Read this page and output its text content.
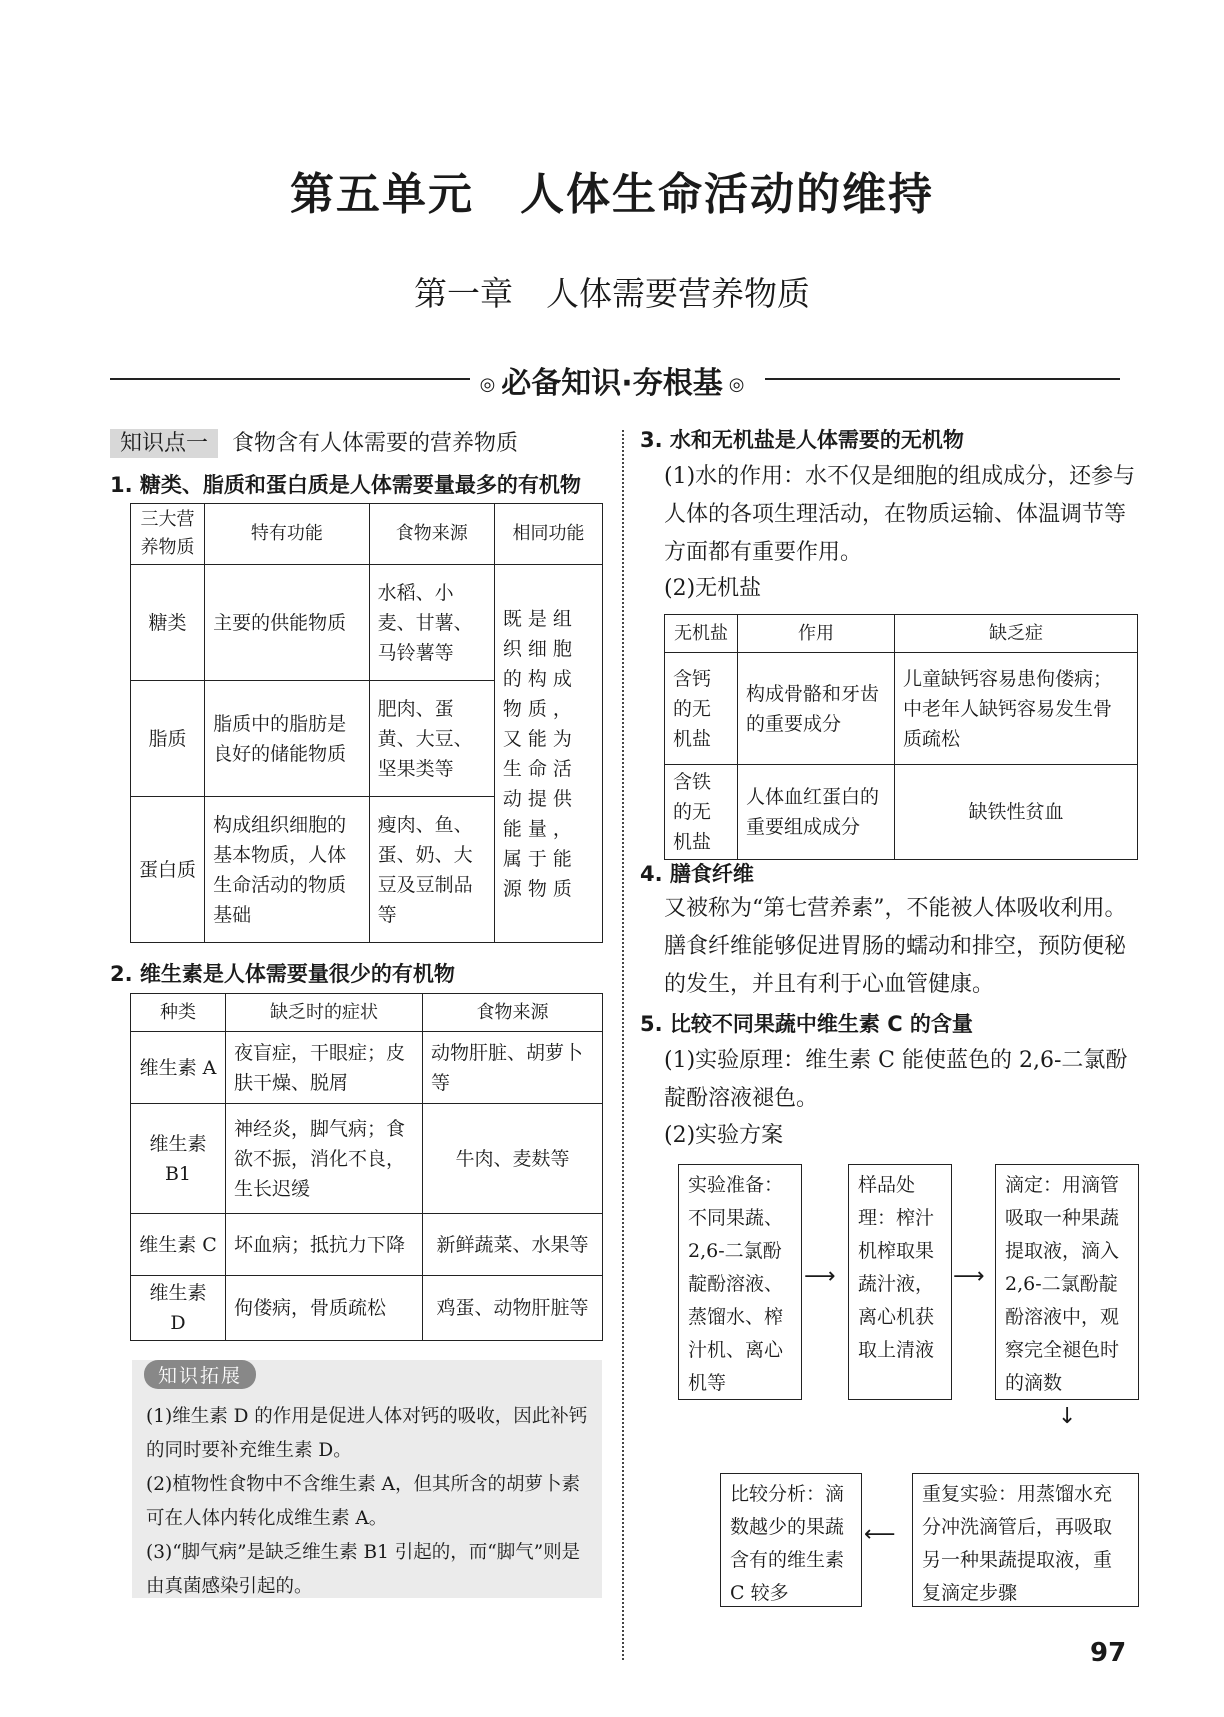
第五单元　人体生命活动的维持
第一章　人体需要营养物质
◎ 必备知识·夯根基 ◎
知识点一 食物含有人体需要的营养物质
1. 糖类、脂质和蛋白质是人体需要量最多的有机物
三大营养物质	特有功能	食物来源	相同功能
糖类	主要的供能物质	水稻、小麦、甘薯、马铃薯等	既是组织细胞的构成物质，又能为生命活动提供能量，属于能源物质
脂质	脂质中的脂肪是良好的储能物质	肥肉、蛋黄、大豆、坚果类等	
蛋白质	构成组织细胞的基本物质，人体生命活动的物质基础	瘦肉、鱼、蛋、奶、大豆及豆制品等	
2. 维生素是人体需要量很少的有机物
种类	缺乏时的症状	食物来源
维生素 A	夜盲症，干眼症；皮肤干燥、脱屑	动物肝脏、胡萝卜等
维生素 B1	神经炎，脚气病；食欲不振，消化不良，生长迟缓	牛肉、麦麸等
维生素 C	坏血病；抵抗力下降	新鲜蔬菜、水果等
维生素 D	佝偻病，骨质疏松	鸡蛋、动物肝脏等
知识拓展
(1)维生素 D 的作用是促进人体对钙的吸收，因此补钙的同时要补充维生素 D。
(2)植物性食物中不含维生素 A，但其所含的胡萝卜素可在人体内转化成维生素 A。
(3)“脚气病”是缺乏维生素 B1 引起的，而“脚气”则是由真菌感染引起的。
3. 水和无机盐是人体需要的无机物
(1)水的作用：水不仅是细胞的组成成分，还参与人体的各项生理活动，在物质运输、体温调节等方面都有重要作用。
(2)无机盐
无机盐	作用	缺乏症
含钙的无机盐	构成骨骼和牙齿的重要成分	儿童缺钙容易患佝偻病；中老年人缺钙容易发生骨质疏松
含铁的无机盐	人体血红蛋白的重要组成成分	缺铁性贫血
4. 膳食纤维
又被称为“第七营养素”，不能被人体吸收利用。膳食纤维能够促进胃肠的蠕动和排空，预防便秘的发生，并且有利于心血管健康。
5. 比较不同果蔬中维生素 C 的含量
(1)实验原理：维生素 C 能使蓝色的 2,6-二氯酚靛酚溶液褪色。
(2)实验方案
实验准备：不同果蔬、2,6-二氯酚靛酚溶液、蒸馏水、榨汁机、离心机等
⟶
样品处理：榨汁机榨取果蔬汁液，离心机获取上清液
⟶
滴定：用滴管吸取一种果蔬提取液，滴入 2,6-二氯酚靛酚溶液中，观察完全褪色时的滴数
↓
重复实验：用蒸馏水充分冲洗滴管后，再吸取另一种果蔬提取液，重复滴定步骤
⟵
比较分析：滴数越少的果蔬含有的维生素 C 较多
97
